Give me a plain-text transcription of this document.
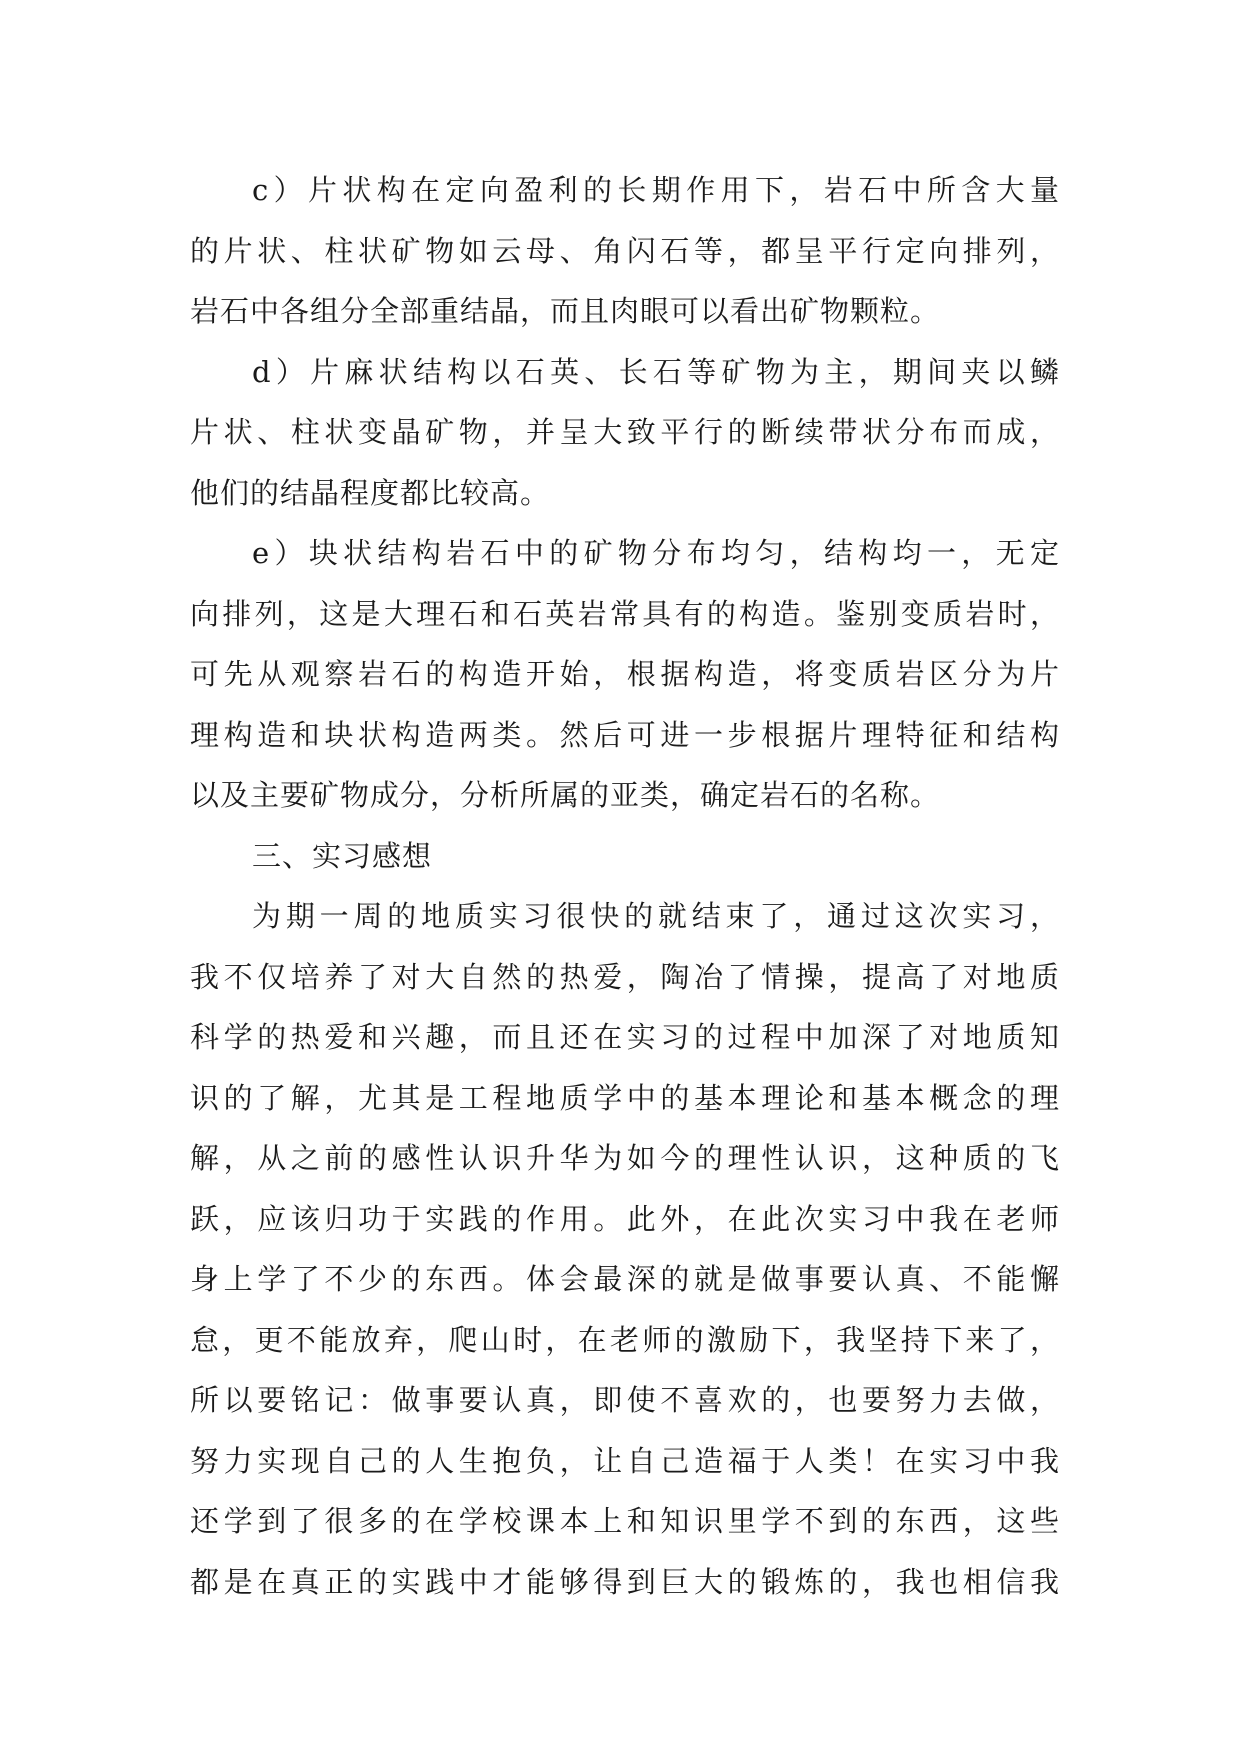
c）片状构在定向盈利的长期作用下，岩石中所含大量
的片状、柱状矿物如云母、角闪石等，都呈平行定向排列，
岩石中各组分全部重结晶，而且肉眼可以看出矿物颗粒。
d）片麻状结构以石英、长石等矿物为主，期间夹以鳞
片状、柱状变晶矿物，并呈大致平行的断续带状分布而成，
他们的结晶程度都比较高。
e）块状结构岩石中的矿物分布均匀，结构均一，无定
向排列，这是大理石和石英岩常具有的构造。鉴别变质岩时，
可先从观察岩石的构造开始，根据构造，将变质岩区分为片
理构造和块状构造两类。然后可进一步根据片理特征和结构
以及主要矿物成分，分析所属的亚类，确定岩石的名称。
三、实习感想
为期一周的地质实习很快的就结束了，通过这次实习，
我不仅培养了对大自然的热爱，陶冶了情操，提高了对地质
科学的热爱和兴趣，而且还在实习的过程中加深了对地质知
识的了解，尤其是工程地质学中的基本理论和基本概念的理
解，从之前的感性认识升华为如今的理性认识，这种质的飞
跃，应该归功于实践的作用。此外，在此次实习中我在老师
身上学了不少的东西。体会最深的就是做事要认真、不能懈
怠，更不能放弃，爬山时，在老师的激励下，我坚持下来了，
所以要铭记：做事要认真，即使不喜欢的，也要努力去做，
努力实现自己的人生抱负，让自己造福于人类！在实习中我
还学到了很多的在学校课本上和知识里学不到的东西，这些
都是在真正的实践中才能够得到巨大的锻炼的，我也相信我
